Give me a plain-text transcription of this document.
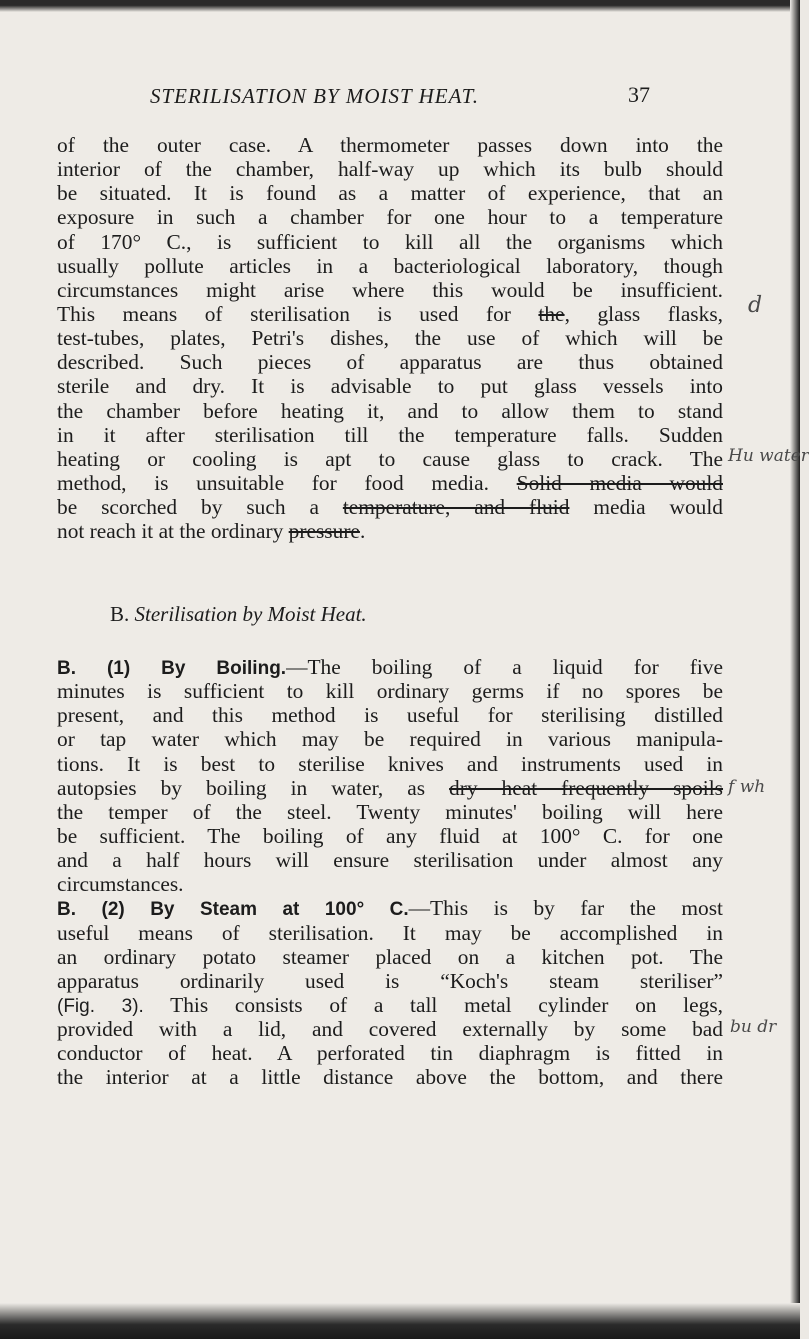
STERILISATION BY MOIST HEAT.	37
of the outer case. A thermometer passes down into the
interior of the chamber, half-way up which its bulb should
be situated. It is found as a matter of experience, that an
exposure in such a chamber for one hour to a temperature
of 170° C., is sufficient to kill all the organisms which
usually pollute articles in a bacteriological laboratory, though
circumstances might arise where this would be insufficient.
This means of sterilisation is used for the, glass flasks,
test-tubes, plates, Petri's dishes, the use of which will be
described. Such pieces of apparatus are thus obtained
sterile and dry. It is advisable to put glass vessels into
the chamber before heating it, and to allow them to stand
in it after sterilisation till the temperature falls. Sudden
heating or cooling is apt to cause glass to crack. The
method, is unsuitable for food media. Solid media would
be scorched by such a temperature, and fluid media would
not reach it at the ordinary pressure.
B. Sterilisation by Moist Heat.
B. (1) By Boiling.—The boiling of a liquid for five
minutes is sufficient to kill ordinary germs if no spores be
present, and this method is useful for sterilising distilled
or tap water which may be required in various manipula-
tions. It is best to sterilise knives and instruments used in
autopsies by boiling in water, as dry heat frequently spoils
the temper of the steel. Twenty minutes' boiling will here
be sufficient. The boiling of any fluid at 100° C. for one
and a half hours will ensure sterilisation under almost any
circumstances.
B. (2) By Steam at 100° C.—This is by far the most
useful means of sterilisation. It may be accomplished in
an ordinary potato steamer placed on a kitchen pot. The
apparatus ordinarily used is “Koch's steam steriliser”
(Fig. 3). This consists of a tall metal cylinder on legs,
provided with a lid, and covered externally by some bad
conductor of heat. A perforated tin diaphragm is fitted in
the interior at a little distance above the bottom, and there
d
Hu water
f wh
bu dr
